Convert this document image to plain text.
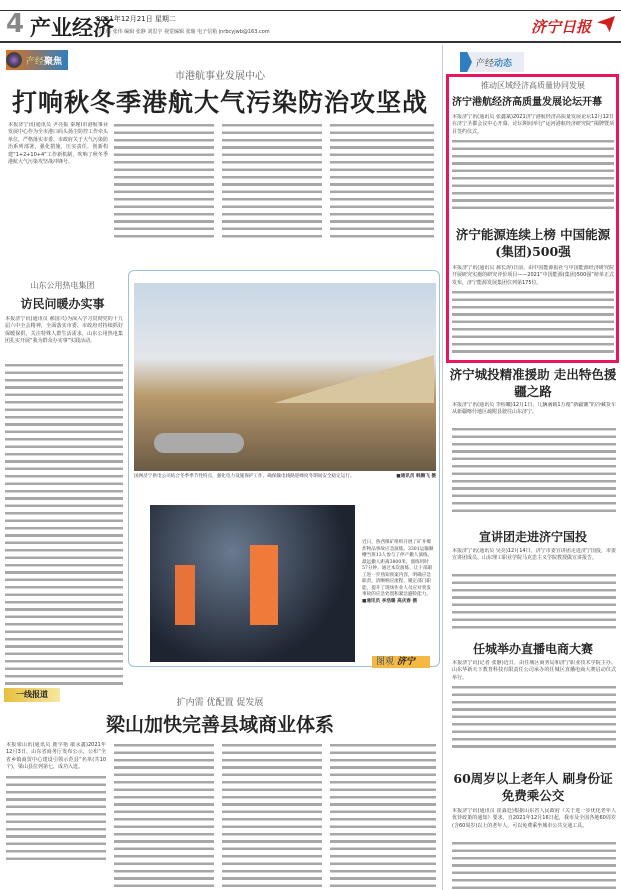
4 产业经济
2021年12月21日 星期二
口主编 张伟 编辑 张静 刘思宇 视觉编辑 张璇 电子信箱 jnrbcyjwb@163.com	济宁日报
产经 聚焦
市港航事业发展中心
打响秋冬季港航大气污染防治攻坚战
本报济宁讯(通讯员 尹亮振 秦瑾)市港航事业发展中心作为全市港口码头扬尘防控工作牵头单位，严格落实市委、市政府关于大气污染防治系列部署，强化措施，压实责任，创新构建“1+2+10+4”工作新机制，吹响了秋冬季港航大气污染攻坚战冲锋号。
山东公用热电集团
访民问暖办实事
本报济宁讯(通讯员 郝国兴)为深入学习贯彻党的十九届六中全会精神，全面落实市委、市政府对持续抓好保暖保供、关注特殊人群生活需求，山东公用热电集团扎实开展“我为群众办实事”实践活动。
国网济宁供电公司结合冬季季节性特点，强化电力设施保护工作，确保输电线路迎峰度冬期间安全稳定运行。	■通讯员 韩腾飞 摄
近日，鲁西煤矿组织开展了矿井爆炸物品事故应急演练。3301运输顺槽当班13人参与了停产撤人演练，最远撤人距离3800米，演练用时57分钟。通过本次演练，让干部职工进一步熟知预案内容，明确应急职责，清晰响应流程，履定部门职能，提升了现场作业人员应对突发事故的应急处置和紧急避险能力。
■通讯员 李浩璐 高庆春 摄
图观 济宁
一线报道
扩内需 优配置 促发展
梁山加快完善县域商业体系
本报梁山讯(通讯员 鹿学艳 康永鑫)2021年12月3日，山东省商务厅发布公示，公布“全省乡镇商贸中心建设引领示范县”名单(共10个)，梁山县位列第七，成功入选。
产经 动态
推动区域经济高质量协同发展
济宁港航经济高质量发展论坛开幕
本报济宁讯(通讯员 张鑫斌)2021济宁港航经济高质量发展论坛12月12日在济宁圣都会议中心开幕。论坛期间举行“运河港航经济研究院”揭牌暨项目签约仪式。
济宁能源连续上榜 中国能源(集团)500强
本报济宁讯(通讯员 郝长涛)日前，由中国能源报社与中国能源经济研究院开展研究实施的研究评价项目——2021“中国能源(集团)500强”榜单正式发布，济宁能源发展集团位列第175位。
济宁城投精准援助 走出特色援疆之路
本报济宁讯(通讯员 李程曦)12月1日，几辆满载1万箱“新疆馕”的冷藏货车从新疆喀什地区疏附县驶往山东济宁。
宣讲团走进济宁国投
本报济宁讯(通讯员 吴亮)12月14日，济宁市委宣讲团走进济宁国投，市委宣讲团成员、山东理工职业学院马克思主义学院教授做宣讲报告。
任城举办直播电商大赛
本报济宁讯(记者 张静)近日，由任城区商务局和济宁职业技术学院主办、山东华新天下教育科技有限责任公司承办的任城区直播电商大赛启动仪式举行。
60周岁以上老年人 刷身份证免费乘公交
本报济宁讯(通讯员 崔淼廷)根据山东省人民政府《关于进一步优化老年人优待政策的通知》要求，自2021年12月16日起，我市及全国各地60周岁(含60周岁)以上的老年人，可以免费乘坐城市公共交通工具。
